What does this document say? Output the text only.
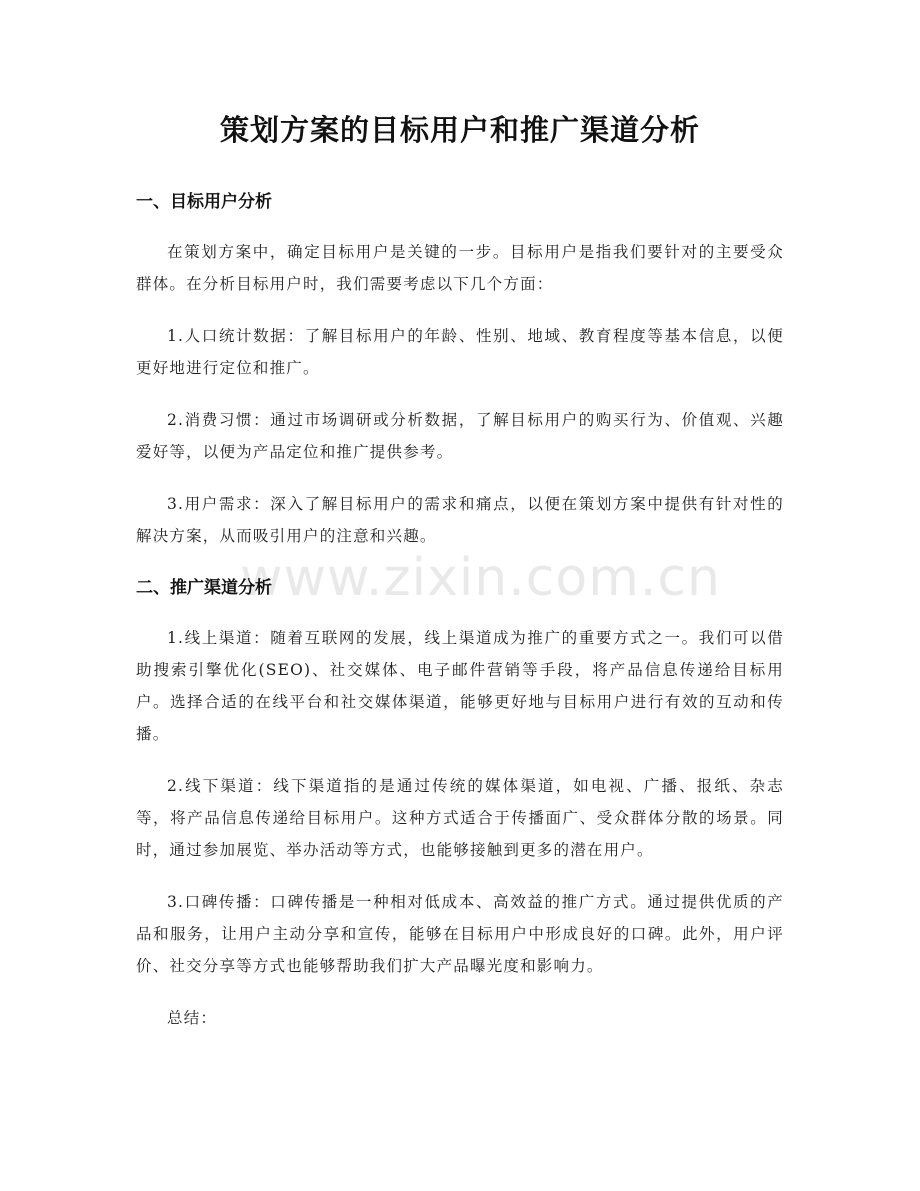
策划方案的目标用户和推广渠道分析
www.zixin.com.cn
一、目标用户分析

在策划方案中，确定目标用户是关键的一步。目标用户是指我们要针对的主要受众群体。在分析目标用户时，我们需要考虑以下几个方面：

1.人口统计数据：了解目标用户的年龄、性别、地域、教育程度等基本信息，以便更好地进行定位和推广。

2.消费习惯：通过市场调研或分析数据，了解目标用户的购买行为、价值观、兴趣爱好等，以便为产品定位和推广提供参考。

3.用户需求：深入了解目标用户的需求和痛点，以便在策划方案中提供有针对性的解决方案，从而吸引用户的注意和兴趣。

二、推广渠道分析

1.线上渠道：随着互联网的发展，线上渠道成为推广的重要方式之一。我们可以借助搜索引擎优化(SEO)、社交媒体、电子邮件营销等手段，将产品信息传递给目标用户。选择合适的在线平台和社交媒体渠道，能够更好地与目标用户进行有效的互动和传播。

2.线下渠道：线下渠道指的是通过传统的媒体渠道，如电视、广播、报纸、杂志等，将产品信息传递给目标用户。这种方式适合于传播面广、受众群体分散的场景。同时，通过参加展览、举办活动等方式，也能够接触到更多的潜在用户。

3.口碑传播：口碑传播是一种相对低成本、高效益的推广方式。通过提供优质的产品和服务，让用户主动分享和宣传，能够在目标用户中形成良好的口碑。此外，用户评价、社交分享等方式也能够帮助我们扩大产品曝光度和影响力。

总结：
